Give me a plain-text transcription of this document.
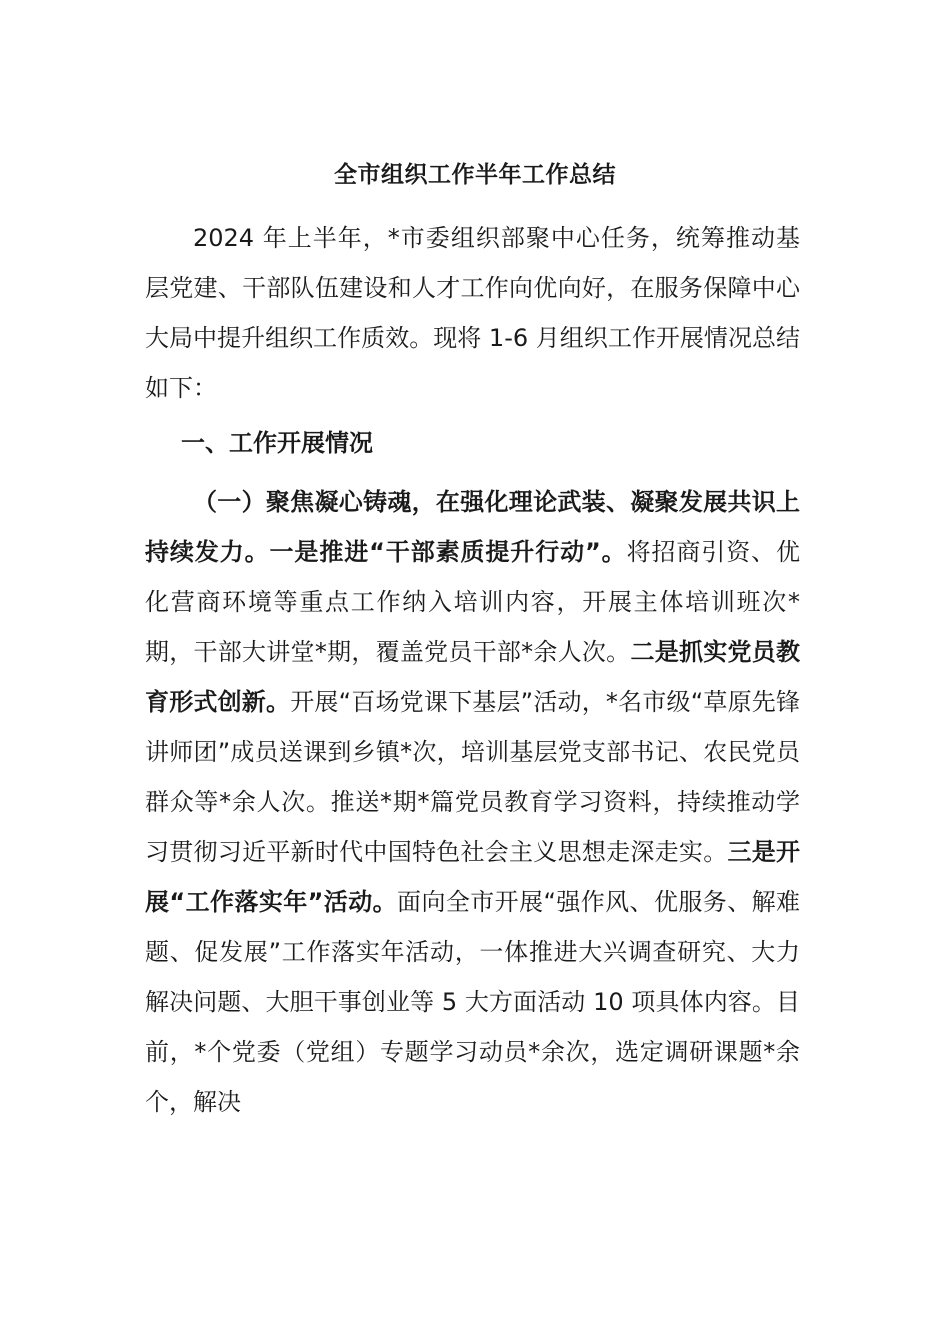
全市组织工作半年工作总结

2024 年上半年，*市委组织部聚中心任务，统筹推动基层党建、干部队伍建设和人才工作向优向好，在服务保障中心大局中提升组织工作质效。现将 1-6 月组织工作开展情况总结如下：

一、工作开展情况

（一）聚焦凝心铸魂，在强化理论武装、凝聚发展共识上持续发力。一是推进“干部素质提升行动”。将招商引资、优化营商环境等重点工作纳入培训内容，开展主体培训班次*期，干部大讲堂*期，覆盖党员干部*余人次。二是抓实党员教育形式创新。开展“百场党课下基层”活动，*名市级“草原先锋讲师团”成员送课到乡镇*次，培训基层党支部书记、农民党员群众等*余人次。推送*期*篇党员教育学习资料，持续推动学习贯彻习近平新时代中国特色社会主义思想走深走实。三是开展“工作落实年”活动。面向全市开展“强作风、优服务、解难题、促发展”工作落实年活动，一体推进大兴调查研究、大力解决问题、大胆干事创业等 5 大方面活动 10 项具体内容。目前，*个党委（党组）专题学习动员*余次，选定调研课题*余个，解决
